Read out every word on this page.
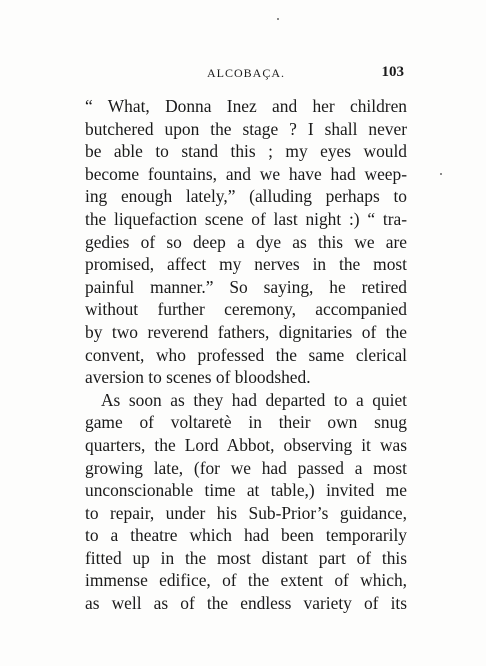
ALCOBAÇA.	103
“ What, Donna Inez and her children
butchered upon the stage ? I shall never
be able to stand this ; my eyes would
become fountains, and we have had weep-
ing enough lately,” (alluding perhaps to
the liquefaction scene of last night :) “ tra-
gedies of so deep a dye as this we are
promised, affect my nerves in the most
painful manner.” So saying, he retired
without further ceremony, accompanied
by two reverend fathers, dignitaries of the
convent, who professed the same clerical
aversion to scenes of bloodshed.
As soon as they had departed to a quiet
game of voltaretè in their own snug
quarters, the Lord Abbot, observing it was
growing late, (for we had passed a most
unconscionable time at table,) invited me
to repair, under his Sub-Prior’s guidance,
to a theatre which had been temporarily
fitted up in the most distant part of this
immense edifice, of the extent of which,
as well as of the endless variety of its
